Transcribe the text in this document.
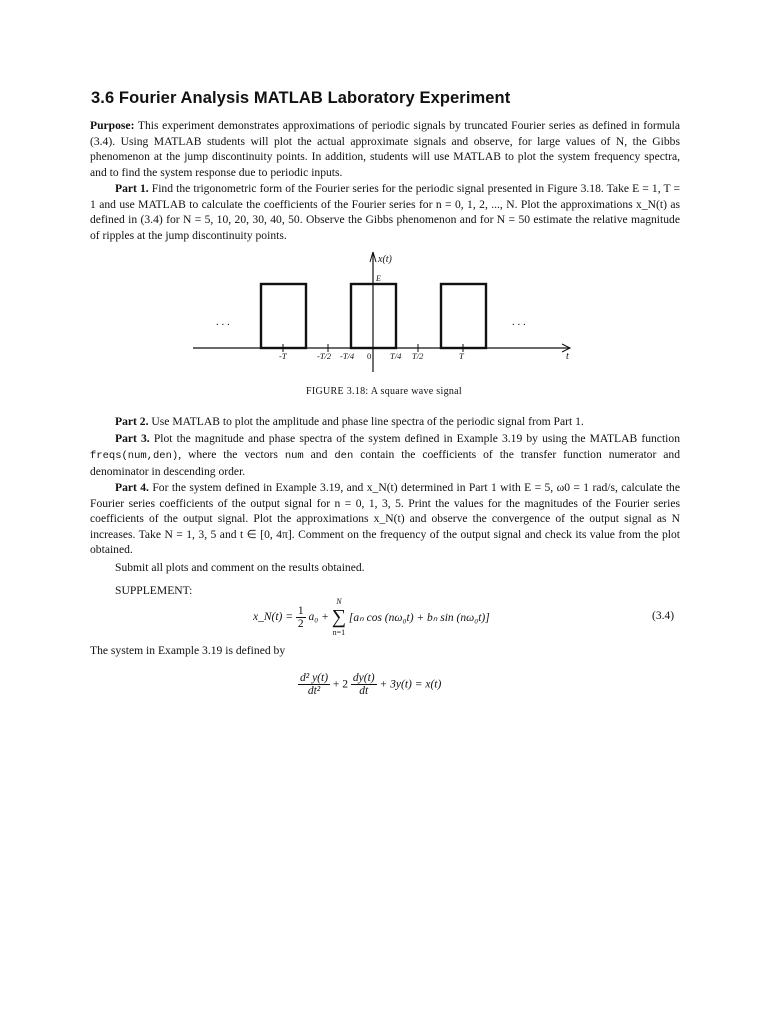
3.6 Fourier Analysis MATLAB Laboratory Experiment

Purpose: This experiment demonstrates approximations of periodic signals by truncated Fourier series as defined in formula (3.4). Using MATLAB students will plot the actual approximate signals and observe, for large values of N, the Gibbs phenomenon at the jump discontinuity points. In addition, students will use MATLAB to plot the system frequency spectra, and to find the system response due to periodic inputs.

Part 1. Find the trigonometric form of the Fourier series for the periodic signal presented in Figure 3.18. Take E = 1, T = 1 and use MATLAB to calculate the coefficients of the Fourier series for n = 0, 1, 2, ..., N. Plot the approximations x_N(t) as defined in (3.4) for N = 5, 10, 20, 30, 40, 50. Observe the Gibbs phenomenon and for N = 50 estimate the relative magnitude of ripples at the jump discontinuity points.

x(t)
E
t
-T	-T/2 -T/4 0 T/4 T/2	T
. . .	. . .
FIGURE 3.18: A square wave signal

Part 2. Use MATLAB to plot the amplitude and phase line spectra of the periodic signal from Part 1.

Part 3. Plot the magnitude and phase spectra of the system defined in Example 3.19 by using the MATLAB function freqs(num,den), where the vectors num and den contain the coefficients of the transfer function numerator and denominator in descending order.

Part 4. For the system defined in Example 3.19, and x_N(t) determined in Part 1 with E = 5, ω0 = 1 rad/s, calculate the Fourier series coefficients of the output signal for n = 0, 1, 3, 5. Print the values for the magnitudes of the Fourier series coefficients of the output signal. Plot the approximations x_N(t) and observe the convergence of the output signal as N increases. Take N = 1, 3, 5 and t ∈ [0, 4π]. Comment on the frequency of the output signal and check its value from the plot obtained.

Submit all plots and comment on the results obtained.

SUPPLEMENT:

x_N(t) = $\frac{1}{2} a_0$ +
N
∑
n=1
[aₙ cos (nω₀t) + bₙ sin (nω₀t)]	(3.4)

The system in Example 3.19 is defined by

$\frac{\text{d² y(t)}}{\text{dt²}} + 2 \frac{dy(t)}{dt} + 3y(t) = x(t)$
